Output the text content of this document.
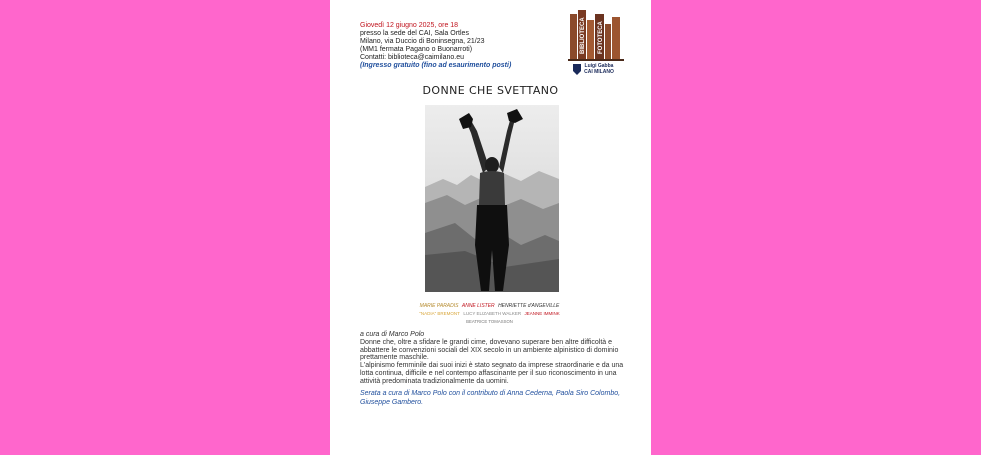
Giovedì 12 giugno 2025, ore 18
presso la sede del CAI, Sala Ortles
Milano, via Duccio di Boninsegna, 21/23
(MM1 fermata Pagano o Buonarroti)
Contatti: biblioteca@caimilano.eu
(Ingresso gratuito (fino ad esaurimento posti)
BIBLIOTECA FOTOTECA
Luigi Gabba
CAI MILANO
DONNE CHE SVETTANO
MARIE PARADIS ANNE LISTER HENRIETTE d'ANGEVILLE
"NADIA" BREMONT LUCY ELIZABETH WALKER JEANNE IMMINK
BEATRICE TOMASSON
a cura di Marco Polo

Donne che, oltre a sfidare le grandi cime, dovevano superare ben altre difficoltà e abbattere le convenzioni sociali del XIX secolo in un ambiente alpinistico di dominio prettamente maschile.

L'alpinismo femminile dai suoi inizi è stato segnato da imprese straordinarie e da una lotta continua, difficile e nel contempo affascinante per il suo riconoscimento in una attività predominata tradizionalmente da uomini.

Serata a cura di Marco Polo con il contributo di Anna Cederna, Paola Siro Colombo, Giuseppe Gambero.
